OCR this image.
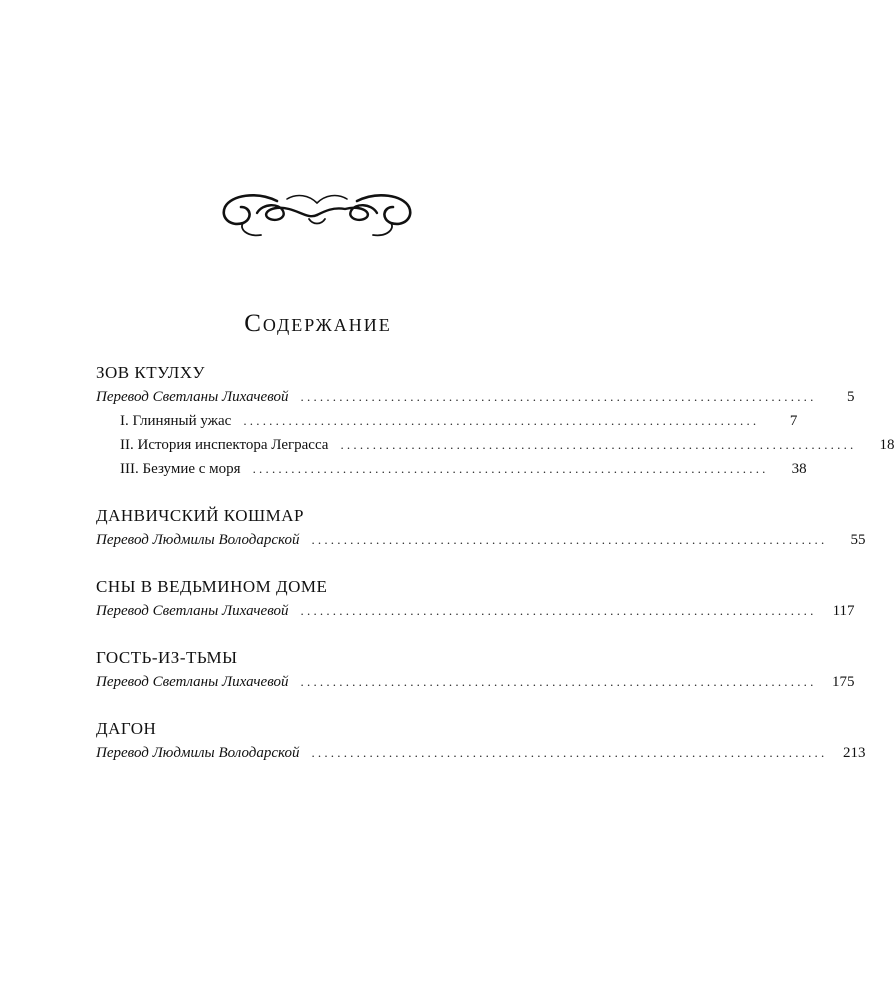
Содержание
ЗОВ КТУЛХУ
Перевод Светланы Лихачевой ................................................................................	5
I. Глиняный ужас ................................................................................	7
II. История инспектора Леграсса ................................................................................	18
III. Безумие с моря ................................................................................	38
ДАНВИЧСКИЙ КОШМАР
Перевод Людмилы Володарской ................................................................................	55
СНЫ В ВЕДЬМИНОМ ДОМЕ
Перевод Светланы Лихачевой ................................................................................	117
ГОСТЬ-ИЗ-ТЬМЫ
Перевод Светланы Лихачевой ................................................................................	175
ДАГОН
Перевод Людмилы Володарской ................................................................................	213
